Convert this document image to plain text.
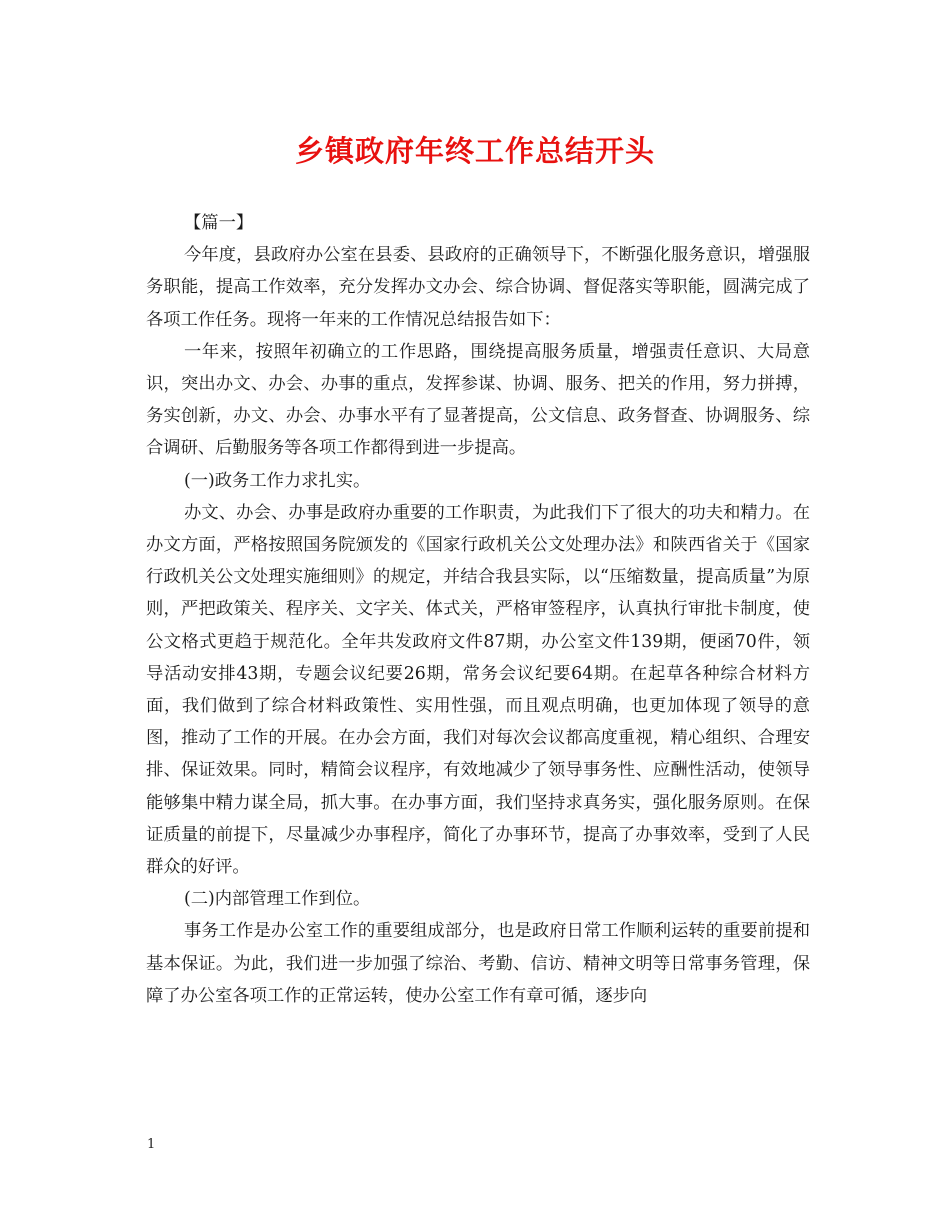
乡镇政府年终工作总结开头

【篇一】

今年度，县政府办公室在县委、县政府的正确领导下，不断强化服务意识，增强服务职能，提高工作效率，充分发挥办文办会、综合协调、督促落实等职能，圆满完成了各项工作任务。现将一年来的工作情况总结报告如下：

一年来，按照年初确立的工作思路，围绕提高服务质量，增强责任意识、大局意识，突出办文、办会、办事的重点，发挥参谋、协调、服务、把关的作用，努力拼搏，务实创新，办文、办会、办事水平有了显著提高，公文信息、政务督查、协调服务、综合调研、后勤服务等各项工作都得到进一步提高。

(一)政务工作力求扎实。

办文、办会、办事是政府办重要的工作职责，为此我们下了很大的功夫和精力。在办文方面，严格按照国务院颁发的《国家行政机关公文处理办法》和陕西省关于《国家行政机关公文处理实施细则》的规定，并结合我县实际，以“压缩数量，提高质量”为原则，严把政策关、程序关、文字关、体式关，严格审签程序，认真执行审批卡制度，使公文格式更趋于规范化。全年共发政府文件87期，办公室文件139期，便函70件，领导活动安排43期，专题会议纪要26期，常务会议纪要64期。在起草各种综合材料方面，我们做到了综合材料政策性、实用性强，而且观点明确，也更加体现了领导的意图，推动了工作的开展。在办会方面，我们对每次会议都高度重视，精心组织、合理安排、保证效果。同时，精简会议程序，有效地减少了领导事务性、应酬性活动，使领导能够集中精力谋全局，抓大事。在办事方面，我们坚持求真务实，强化服务原则。在保证质量的前提下，尽量减少办事程序，简化了办事环节，提高了办事效率，受到了人民群众的好评。

(二)内部管理工作到位。

事务工作是办公室工作的重要组成部分，也是政府日常工作顺利运转的重要前提和基本保证。为此，我们进一步加强了综治、考勤、信访、精神文明等日常事务管理，保障了办公室各项工作的正常运转，使办公室工作有章可循，逐步向

1
